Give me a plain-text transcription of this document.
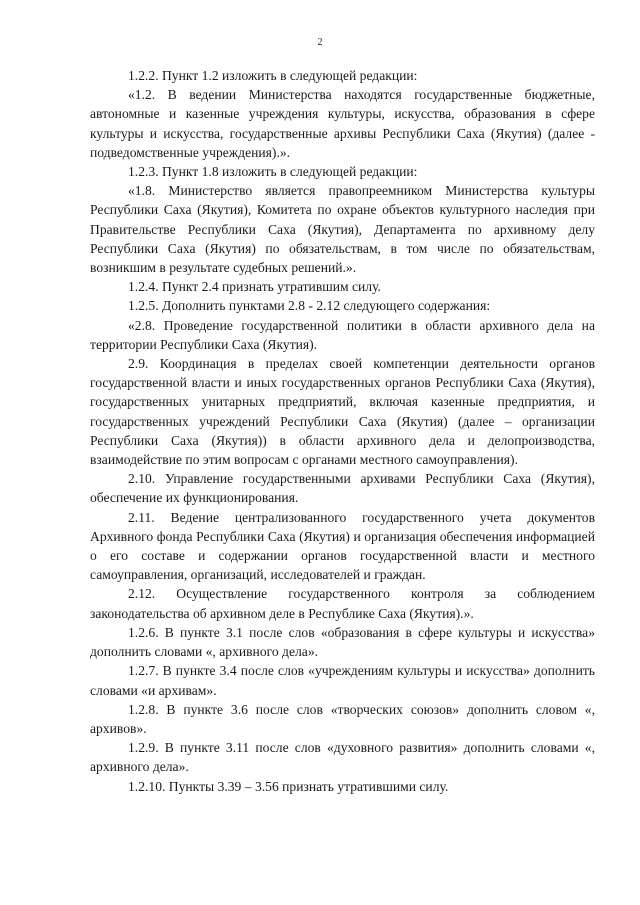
2

1.2.2. Пункт 1.2 изложить в следующей редакции:

«1.2. В ведении Министерства находятся государственные бюджетные, автономные и казенные учреждения культуры, искусства, образования в сфере культуры и искусства, государственные архивы Республики Саха (Якутия) (далее - подведомственные учреждения).».

1.2.3. Пункт 1.8 изложить в следующей редакции:

«1.8. Министерство является правопреемником Министерства культуры Республики Саха (Якутия), Комитета по охране объектов культурного наследия при Правительстве Республики Саха (Якутия), Департамента по архивному делу Республики Саха (Якутия) по обязательствам, в том числе по обязательствам, возникшим в результате судебных решений.».

1.2.4. Пункт 2.4 признать утратившим силу.

1.2.5. Дополнить пунктами 2.8 - 2.12 следующего содержания:

«2.8. Проведение государственной политики в области архивного дела на территории Республики Саха (Якутия).

2.9. Координация в пределах своей компетенции деятельности органов государственной власти и иных государственных органов Республики Саха (Якутия), государственных унитарных предприятий, включая казенные предприятия, и государственных учреждений Республики Саха (Якутия) (далее – организации Республики Саха (Якутия)) в области архивного дела и делопроизводства, взаимодействие по этим вопросам с органами местного самоуправления).

2.10. Управление государственными архивами Республики Саха (Якутия), обеспечение их функционирования.

2.11. Ведение централизованного государственного учета документов Архивного фонда Республики Саха (Якутия) и организация обеспечения информацией о его составе и содержании органов государственной власти и местного самоуправления, организаций, исследователей и граждан.

2.12. Осуществление государственного контроля за соблюдением законодательства об архивном деле в Республике Саха (Якутия).».

1.2.6. В пункте 3.1 после слов «образования в сфере культуры и искусства» дополнить словами «, архивного дела».

1.2.7. В пункте 3.4 после слов «учреждениям культуры и искусства» дополнить словами «и архивам».

1.2.8. В пункте 3.6 после слов «творческих союзов» дополнить словом «, архивов».

1.2.9. В пункте 3.11 после слов «духовного развития» дополнить словами «, архивного дела».

1.2.10. Пункты 3.39 – 3.56 признать утратившими силу.
